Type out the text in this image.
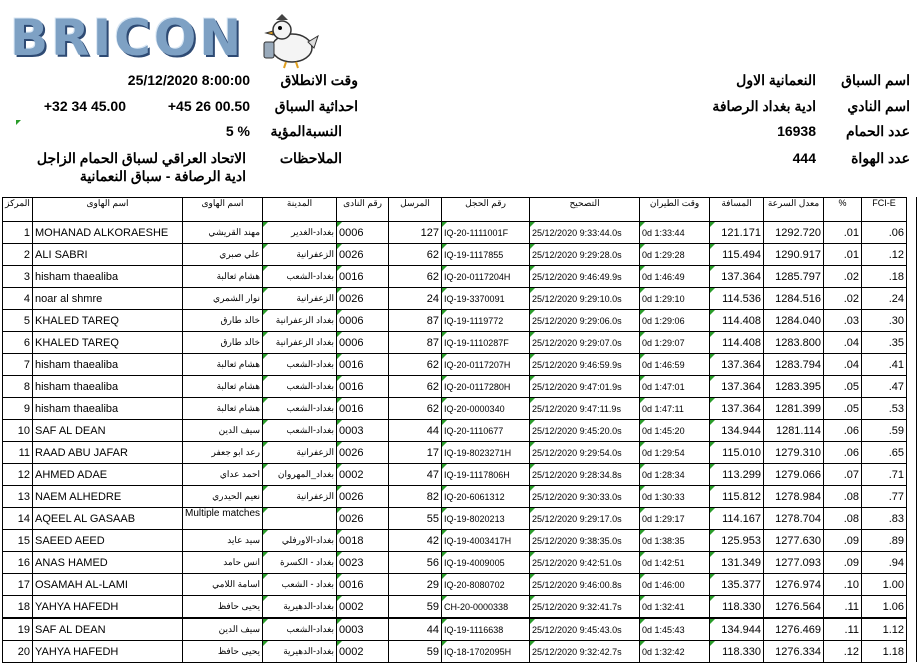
BRICON
اسم السباق
النعمانية الاول
اسم النادي
ادية بغداد الرصافة
عدد الحمام
16938
عدد الهواة
444
وقت الانطلاق
25/12/2020 8:00:00
احداثية السباق
+45 26 00.50
+32 34 45.00
النسبةالمؤية
5 %
الملاحظات
الاتحاد العراقي لسباق الحمام الزاجل
ادية الرصافة - سباق النعمانية
المركز	اسم الهاوى	اسم الهاوى	المدينة	رقم النادى	المرسل	رقم الحجل	التصحيح	وقت الطيران	المسافة	معدل السرعة	%	FCI-E
1	MOHANAD ALKORAESHE	مهند القريشي	بغداد-الغدير	0006	127	IQ-20-1111001F	25/12/2020 9:33:44.0s	0d 1:33:44	121.171	1292.720	.01	.06
2	ALI SABRI	علي صبري	الزعفرانية	0026	62	IQ-19-1117855	25/12/2020 9:29:28.0s	0d 1:29:28	115.494	1290.917	.01	.12
3	hisham thaealiba	هشام ثعالبة	بغداد-الشعب	0016	62	IQ-20-0117204H	25/12/2020 9:46:49.9s	0d 1:46:49	137.364	1285.797	.02	.18
4	noar al shmre	نوار الشمري	الزعفرانية	0026	24	IQ-19-3370091	25/12/2020 9:29:10.0s	0d 1:29:10	114.536	1284.516	.02	.24
5	KHALED TAREQ	خالد طارق	بغداد الزعفرانية	0006	87	IQ-19-1119772	25/12/2020 9:29:06.0s	0d 1:29:06	114.408	1284.040	.03	.30
6	KHALED TAREQ	خالد طارق	بغداد الزعفرانية	0006	87	IQ-19-1110287F	25/12/2020 9:29:07.0s	0d 1:29:07	114.408	1283.800	.04	.35
7	hisham thaealiba	هشام ثعالبة	بغداد-الشعب	0016	62	IQ-20-0117207H	25/12/2020 9:46:59.9s	0d 1:46:59	137.364	1283.794	.04	.41
8	hisham thaealiba	هشام ثعالبة	بغداد-الشعب	0016	62	IQ-20-0117280H	25/12/2020 9:47:01.9s	0d 1:47:01	137.364	1283.395	.05	.47
9	hisham thaealiba	هشام ثعالبة	بغداد-الشعب	0016	62	IQ-20-0000340	25/12/2020 9:47:11.9s	0d 1:47:11	137.364	1281.399	.05	.53
10	SAF AL DEAN	سيف الدين	بغداد-الشعب	0003	44	IQ-20-1110677	25/12/2020 9:45:20.0s	0d 1:45:20	134.944	1281.114	.06	.59
11	RAAD ABU JAFAR	رعد ابو جعفر	الزعفرانية	0026	17	IQ-19-8023271H	25/12/2020 9:29:54.0s	0d 1:29:54	115.010	1279.310	.06	.65
12	AHMED ADAE	احمد عداي	بغداد_المهروان	0002	47	IQ-19-1117806H	25/12/2020 9:28:34.8s	0d 1:28:34	113.299	1279.066	.07	.71
13	NAEM ALHEDRE	نعيم الحيدري	الزعفرانية	0026	82	IQ-20-6061312	25/12/2020 9:30:33.0s	0d 1:30:33	115.812	1278.984	.08	.77
14	AQEEL AL GASAAB	Multiple matches		0026	55	IQ-19-8020213	25/12/2020 9:29:17.0s	0d 1:29:17	114.167	1278.704	.08	.83
15	SAEED AEED	سيد عايد	بغداد-الاورفلي	0018	42	IQ-19-4003417H	25/12/2020 9:38:35.0s	0d 1:38:35	125.953	1277.630	.09	.89
16	ANAS HAMED	انس حامد	بغداد - الكسرة	0023	56	IQ-19-4009005	25/12/2020 9:42:51.0s	0d 1:42:51	131.349	1277.093	.09	.94
17	OSAMAH AL-LAMI	اسامة اللامي	بغداد - الشعب	0016	29	IQ-20-8080702	25/12/2020 9:46:00.8s	0d 1:46:00	135.377	1276.974	.10	1.00
18	YAHYA HAFEDH	يحيى حافظ	بغداد-الدهيرية	0002	59	CH-20-0000338	25/12/2020 9:32:41.7s	0d 1:32:41	118.330	1276.564	.11	1.06
19	SAF AL DEAN	سيف الدين	بغداد-الشعب	0003	44	IQ-19-1116638	25/12/2020 9:45:43.0s	0d 1:45:43	134.944	1276.469	.11	1.12
20	YAHYA HAFEDH	يحيى حافظ	بغداد-الدهيرية	0002	59	IQ-18-1702095H	25/12/2020 9:32:42.7s	0d 1:32:42	118.330	1276.334	.12	1.18
